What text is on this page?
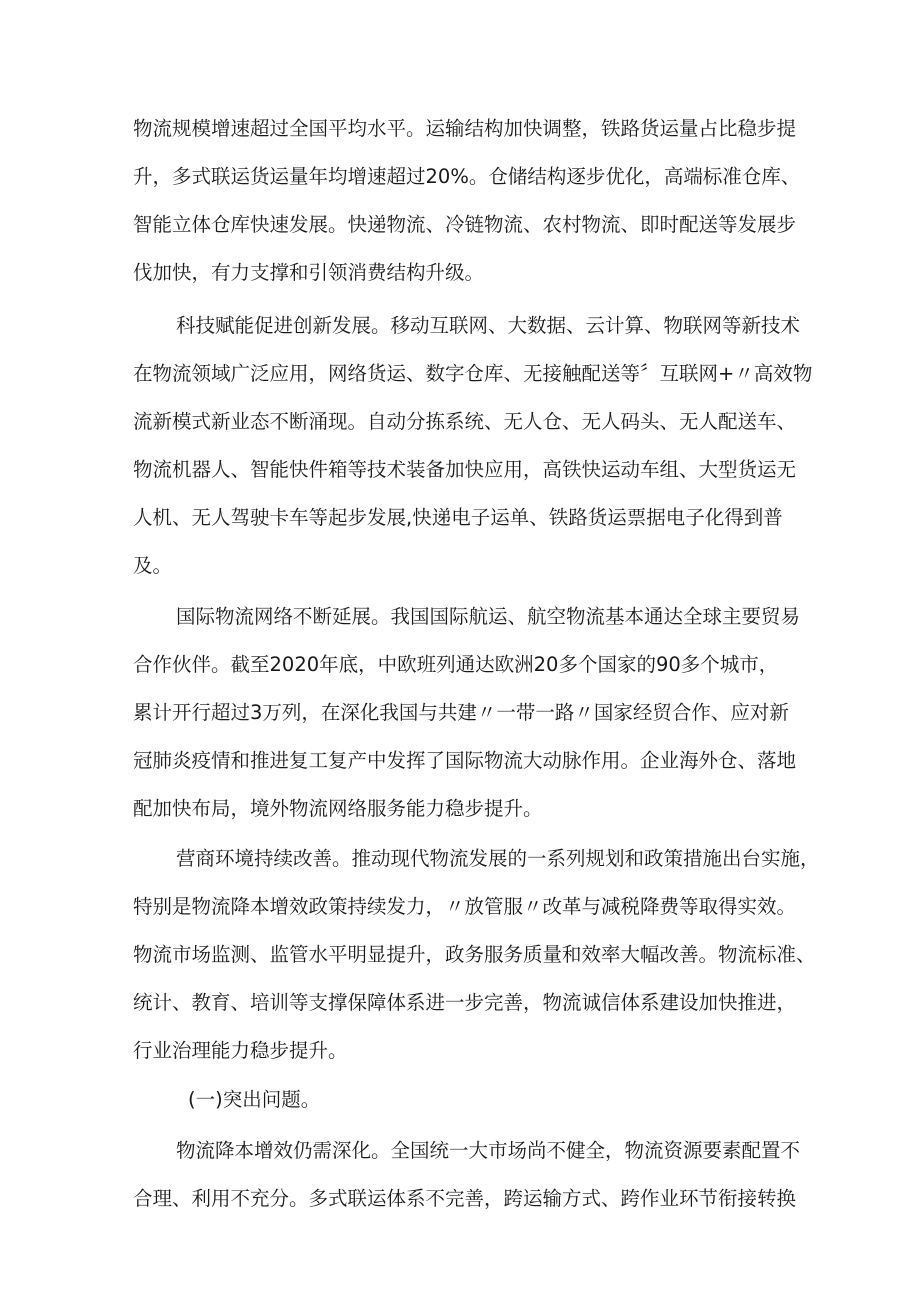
物流规模增速超过全国平均水平。运输结构加快调整，铁路货运量占比稳步提
升，多式联运货运量年均增速超过20%。仓储结构逐步优化，高端标准仓库、
智能立体仓库快速发展。快递物流、冷链物流、农村物流、即时配送等发展步
伐加快，有力支撑和引领消费结构升级。
科技赋能促进创新发展。移动互联网、大数据、云计算、物联网等新技术
在物流领域广泛应用，网络货运、数字仓库、无接触配送等〞互联网+〃高效物
流新模式新业态不断涌现。自动分拣系统、无人仓、无人码头、无人配送车、
物流机器人、智能快件箱等技术装备加快应用，高铁快运动车组、大型货运无
人机、无人驾驶卡车等起步发展,快递电子运单、铁路货运票据电子化得到普
及。
国际物流网络不断延展。我国国际航运、航空物流基本通达全球主要贸易
合作伙伴。截至2020年底，中欧班列通达欧洲20多个国家的90多个城市，
累计开行超过3万列，在深化我国与共建〃一带一路〃国家经贸合作、应对新
冠肺炎疫情和推进复工复产中发挥了国际物流大动脉作用。企业海外仓、落地
配加快布局，境外物流网络服务能力稳步提升。
营商环境持续改善。推动现代物流发展的一系列规划和政策措施出台实施，
特别是物流降本增效政策持续发力，〃放管服〃改革与减税降费等取得实效。
物流市场监测、监管水平明显提升，政务服务质量和效率大幅改善。物流标准、
统计、教育、培训等支撑保障体系进一步完善，物流诚信体系建设加快推进，
行业治理能力稳步提升。
(一)突出问题。
物流降本增效仍需深化。全国统一大市场尚不健全，物流资源要素配置不
合理、利用不充分。多式联运体系不完善，跨运输方式、跨作业环节衔接转换
